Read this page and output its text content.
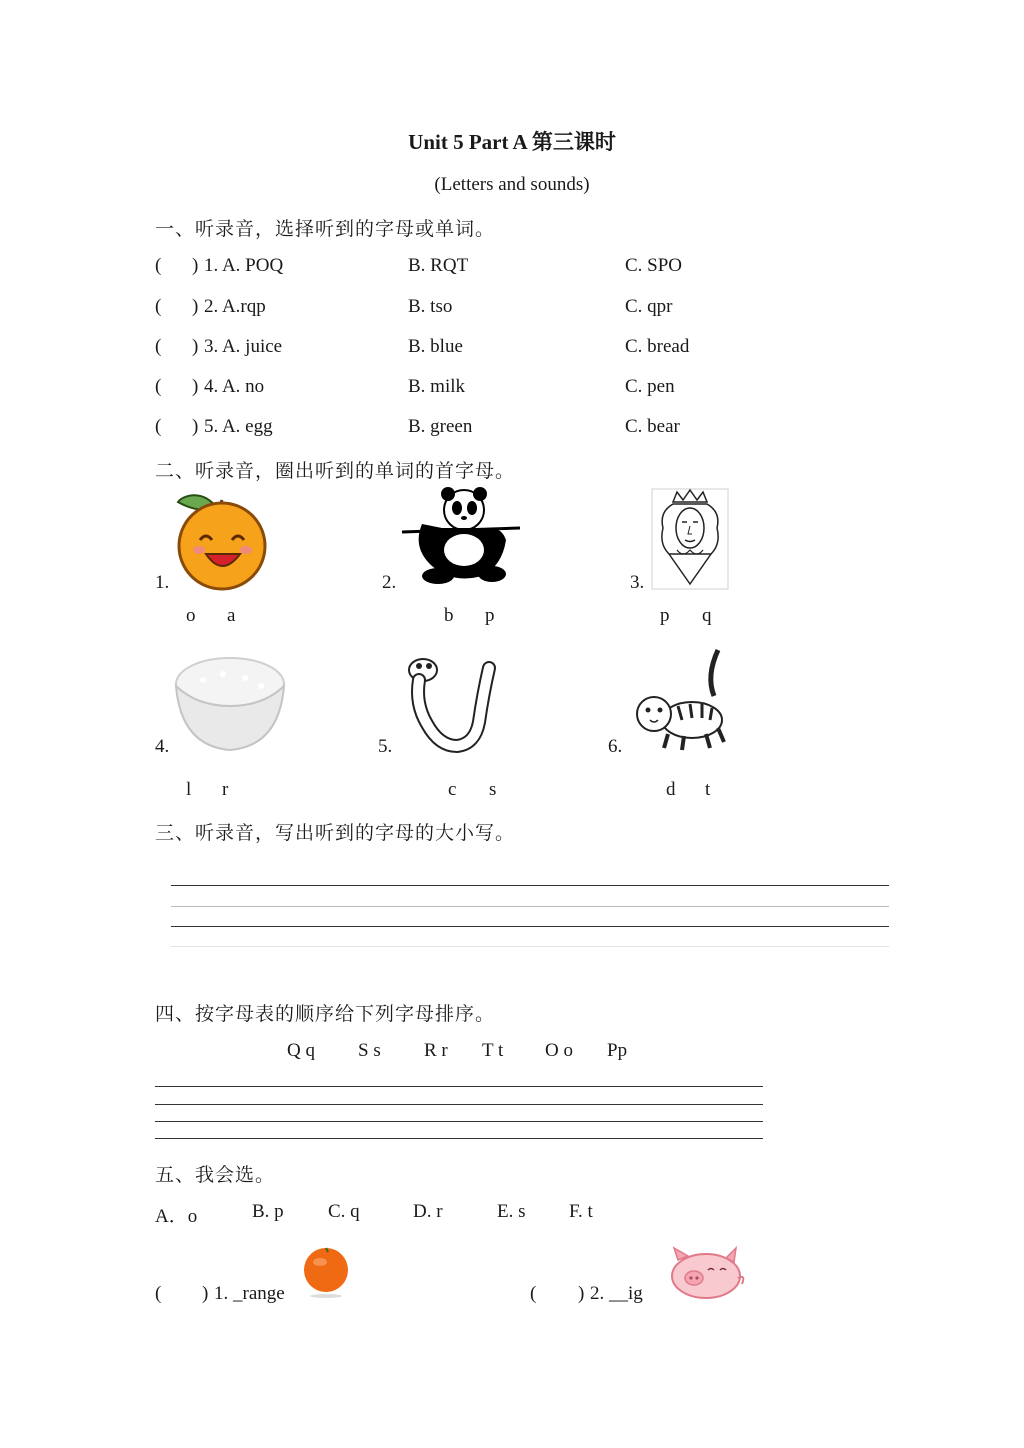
Unit 5 Part A 第三课时
(Letters and sounds)
一、听录音，选择听到的字母或单词。
( ) 1. A. POQ	B. RQT	C. SPO
( ) 2. A.rqp	B. tso	C. qpr
( ) 3. A. juice	B. blue	C. bread
( ) 4. A. no	B. milk	C. pen
( ) 5. A. egg	B. green	C. bear
二、听录音，圈出听到的单词的首字母。
1.
o a
2.
b p
3.
p q
4.
l r
5.
c s
6.
d t
三、听录音，写出听到的字母的大小写。
四、按字母表的顺序给下列字母排序。
Q q S s R r T t O o Pp
五、我会选。
A．o	B. p C. q	D. r	E. s F. t
( ) 1. _range	( ) 2. __ig
